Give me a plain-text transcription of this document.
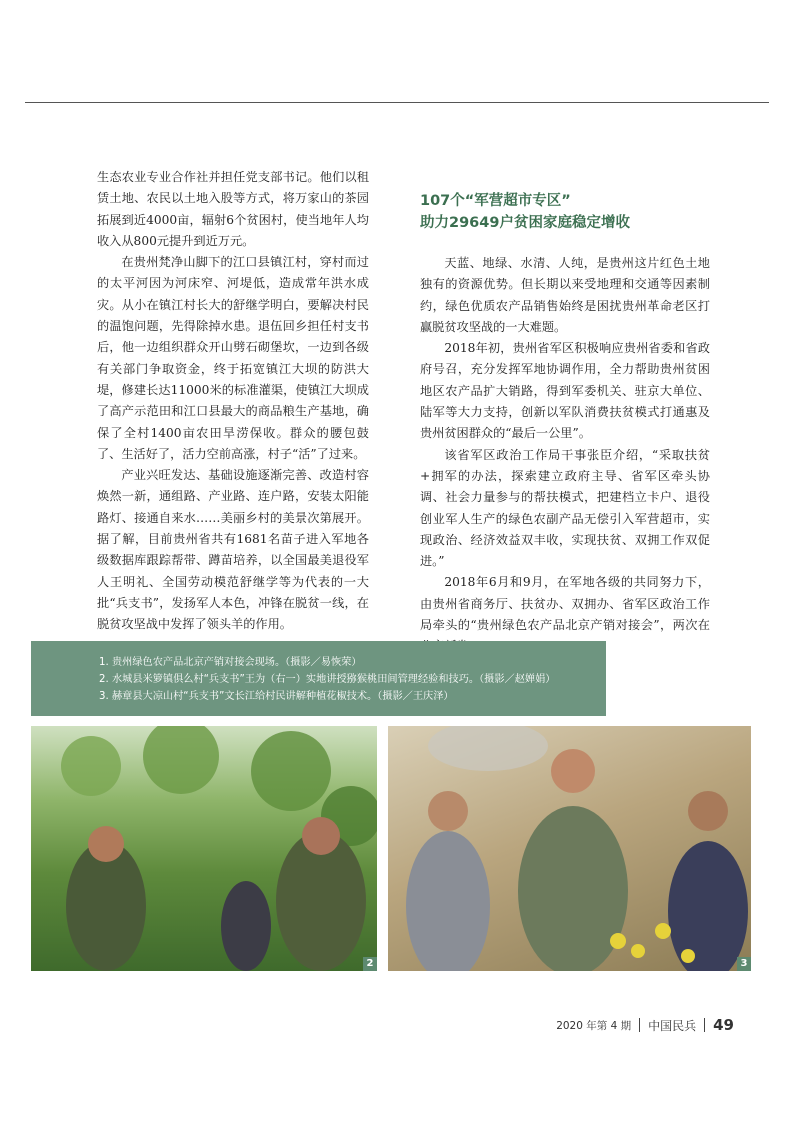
生态农业专业合作社并担任党支部书记。他们以租赁土地、农民以土地入股等方式，将万家山的茶园拓展到近4000亩，辐射6个贫困村，使当地年人均收入从800元提升到近万元。

在贵州梵净山脚下的江口县镇江村，穿村而过的太平河因为河床窄、河堤低，造成常年洪水成灾。从小在镇江村长大的舒继学明白，要解决村民的温饱问题，先得除掉水患。退伍回乡担任村支书后，他一边组织群众开山劈石砌堡坎，一边到各级有关部门争取资金，终于拓宽镇江大坝的防洪大堤，修建长达11000米的标准灌渠，使镇江大坝成了高产示范田和江口县最大的商品粮生产基地，确保了全村1400亩农田旱涝保收。群众的腰包鼓了、生活好了，活力空前高涨，村子“活”了过来。

产业兴旺发达、基础设施逐渐完善、改造村容焕然一新，通组路、产业路、连户路，安装太阳能路灯、接通自来水……美丽乡村的美景次第展开。据了解，目前贵州省共有1681名苗子进入军地各级数据库跟踪帮带、蹲苗培养，以全国最美退役军人王明礼、全国劳动模范舒继学等为代表的一大批“兵支书”，发扬军人本色，冲锋在脱贫一线，在脱贫攻坚战中发挥了领头羊的作用。

107个“军营超市专区”
助力29649户贫困家庭稳定增收

天蓝、地绿、水清、人纯，是贵州这片红色土地独有的资源优势。但长期以来受地理和交通等因素制约，绿色优质农产品销售始终是困扰贵州革命老区打赢脱贫攻坚战的一大难题。

2018年初，贵州省军区积极响应贵州省委和省政府号召，充分发挥军地协调作用，全力帮助贵州贫困地区农产品扩大销路，得到军委机关、驻京大单位、陆军等大力支持，创新以军队消费扶贫模式打通惠及贵州贫困群众的“最后一公里”。

该省军区政治工作局干事张臣介绍，“采取扶贫+拥军的办法，探索建立政府主导、省军区牵头协调、社会力量参与的帮扶模式，把建档立卡户、退役创业军人生产的绿色农副产品无偿引入军营超市，实现政治、经济效益双丰收，实现扶贫、双拥工作双促进。”

2018年6月和9月，在军地各级的共同努力下，由贵州省商务厅、扶贫办、双拥办、省军区政治工作局牵头的“贵州绿色农产品北京产销对接会”，两次在

1. 贵州绿色农产品北京产销对接会现场。（摄影／易恢荣）
2. 水城县米箩镇俱么村“兵支书”王为（右一）实地讲授猕猴桃田间管理经验和技巧。（摄影／赵婵娟）
3. 赫章县大凉山村“兵支书”文长江给村民讲解种植花椒技术。（摄影／王庆泽）
2	3
2020 年第 4 期 中国民兵 49
